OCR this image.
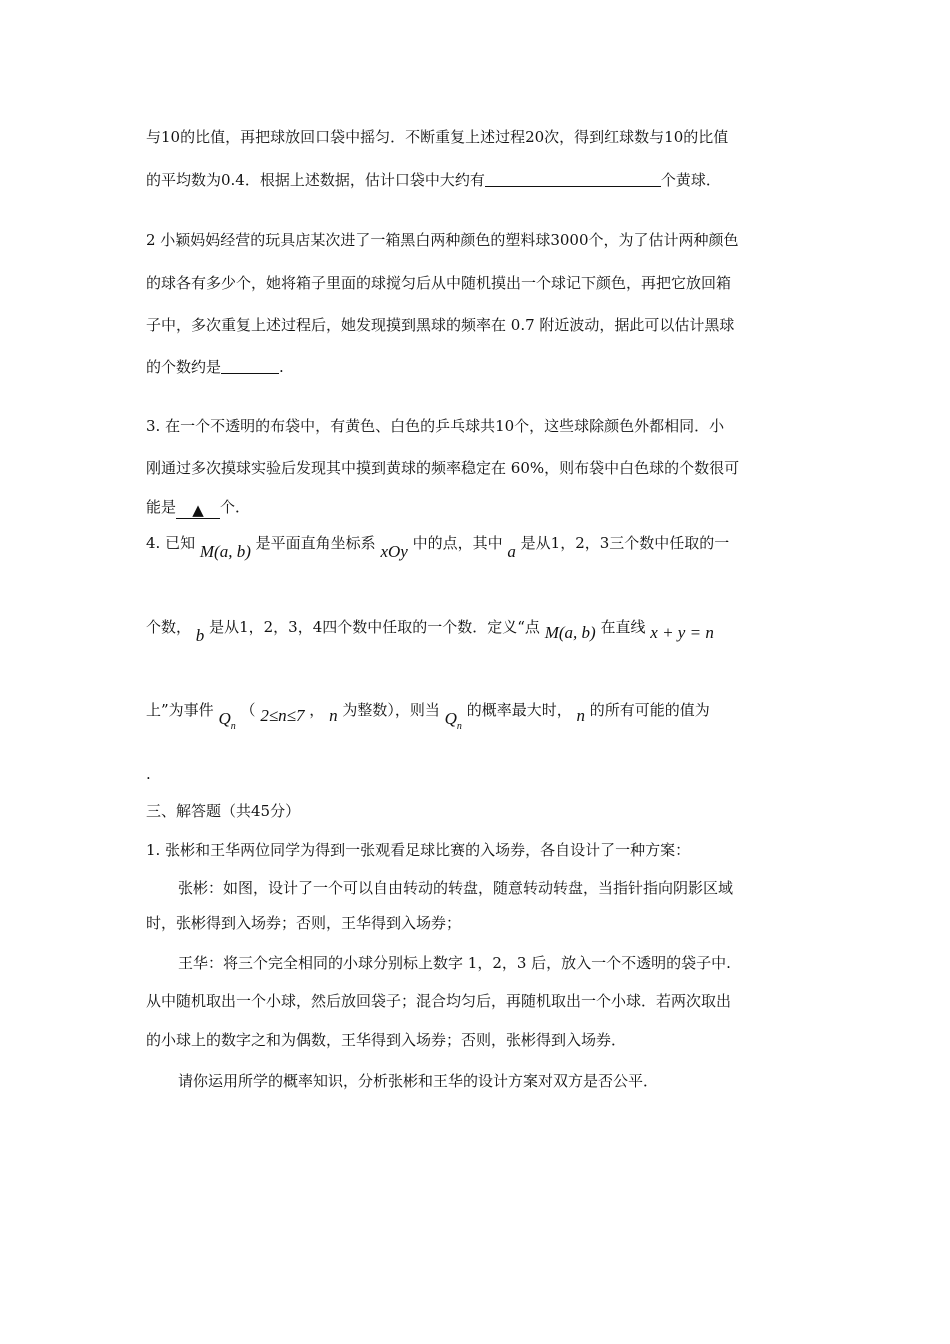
与10的比值，再把球放回口袋中摇匀．不断重复上述过程20次，得到红球数与10的比值
的平均数为0.4．根据上述数据，估计口袋中大约有	个黄球．
2 小颖妈妈经营的玩具店某次进了一箱黑白两种颜色的塑料球3000个，为了估计两种颜色
的球各有多少个，她将箱子里面的球搅匀后从中随机摸出一个球记下颜色，再把它放回箱
子中，多次重复上述过程后，她发现摸到黑球的频率在 0.7 附近波动，据此可以估计黑球
的个数约是	.
3. 在一个不透明的布袋中，有黄色、白色的乒乓球共10个，这些球除颜色外都相同．小
刚通过多次摸球实验后发现其中摸到黄球的频率稳定在 60%，则布袋中白色球的个数很可
能是 ▲ 个．
4. 已知 M(a, b) 是平面直角坐标系 xOy 中的点，其中 a 是从1，2，3三个数中任取的一
个数， b 是从1，2，3，4四个数中任取的一个数．定义“点 M(a, b) 在直线 x + y = n
上”为事件 $Q_n$ （ 2≤n≤7 ， n 为整数），则当 $Q_n$ 的概率最大时， n 的所有可能的值为
.
三、解答题（共45分）
1. 张彬和王华两位同学为得到一张观看足球比赛的入场券，各自设计了一种方案：
张彬：如图，设计了一个可以自由转动的转盘，随意转动转盘，当指针指向阴影区域
时，张彬得到入场券；否则，王华得到入场券；
王华：将三个完全相同的小球分别标上数字 1，2，3 后，放入一个不透明的袋子中.
从中随机取出一个小球，然后放回袋子；混合均匀后，再随机取出一个小球．若两次取出
的小球上的数字之和为偶数，王华得到入场券；否则，张彬得到入场券．
请你运用所学的概率知识，分析张彬和王华的设计方案对双方是否公平．
